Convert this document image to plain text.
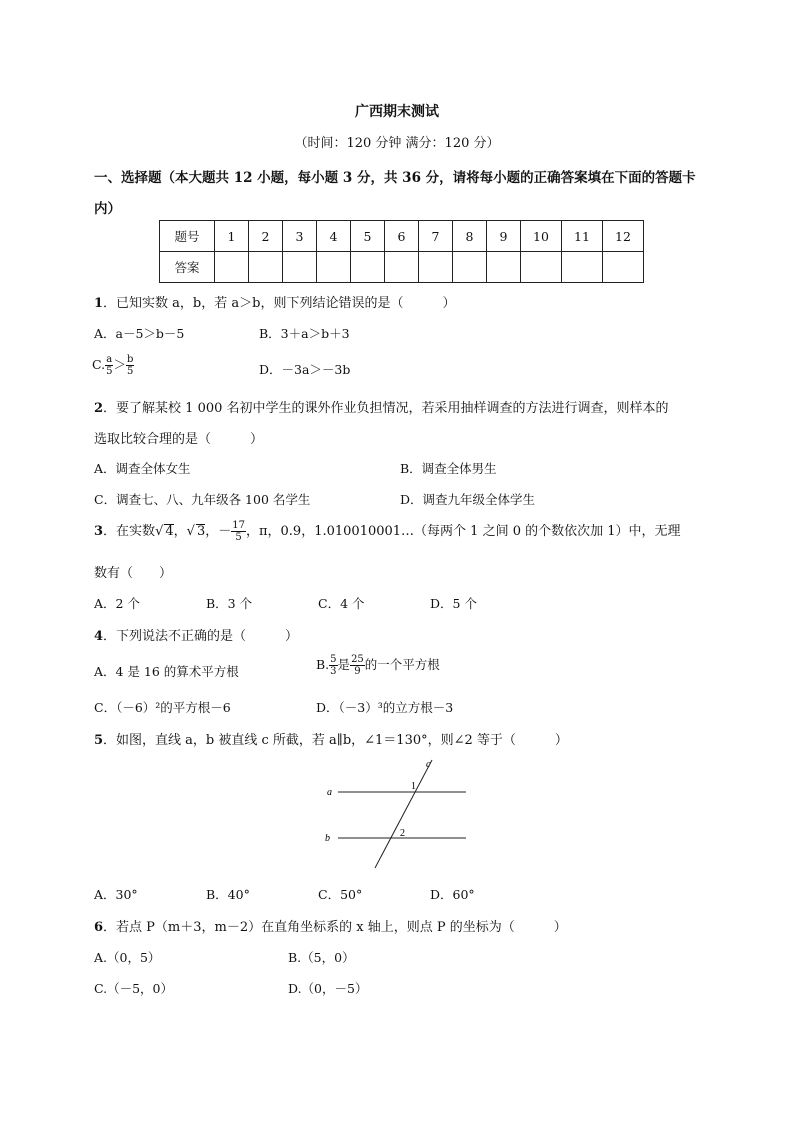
广西期末测试
（时间：120 分钟 满分：120 分）
一、选择题（本大题共 12 小题，每小题 3 分，共 36 分，请将每小题的正确答案填在下面的答题卡
内）
题号	1	2	3	4	5	6	7	8	9	10	11	12
答案												
1．已知实数 a，b，若 a＞b，则下列结论错误的是（　　　）
A．a－5＞b－5	B．3＋a＞b＋3
C. $\frac{a}{5} > \frac{b}{5}$	D．－3a＞－3b
2．要了解某校 1 000 名初中学生的课外作业负担情况，若采用抽样调查的方法进行调查，则样本的
选取比较合理的是（　　　）
A．调查全体女生	B．调查全体男生
C．调查七、八、九年级各 100 名学生	D．调查九年级全体学生
3．在实数√ 4，√ 3，－ $\frac{17}{5}$ ，π，0.9，1.010010001…（每两个 1 之间 0 的个数依次加 1）中，无理
数有（　　）
A．2 个	B．3 个	C．4 个	D．5 个
4．下列说法不正确的是（　　　）
A．4 是 16 的算术平方根	B. $\frac{5}{3}$ 是 $\frac{25}{9}$ 的一个平方根
C．（－6）²的平方根－6	D．（－3）³的立方根－3
5．如图，直线 a，b 被直线 c 所截，若 a∥b，∠1＝130°，则∠2 等于（　　　）
a
b
c
1
2
A．30°	B．40°	C．50°	D．60°
6．若点 P（m＋3，m－2）在直角坐标系的 x 轴上，则点 P 的坐标为（　　　）
A.（0，5）	B.（5，0）
C.（－5，0）	D.（0，－5）
